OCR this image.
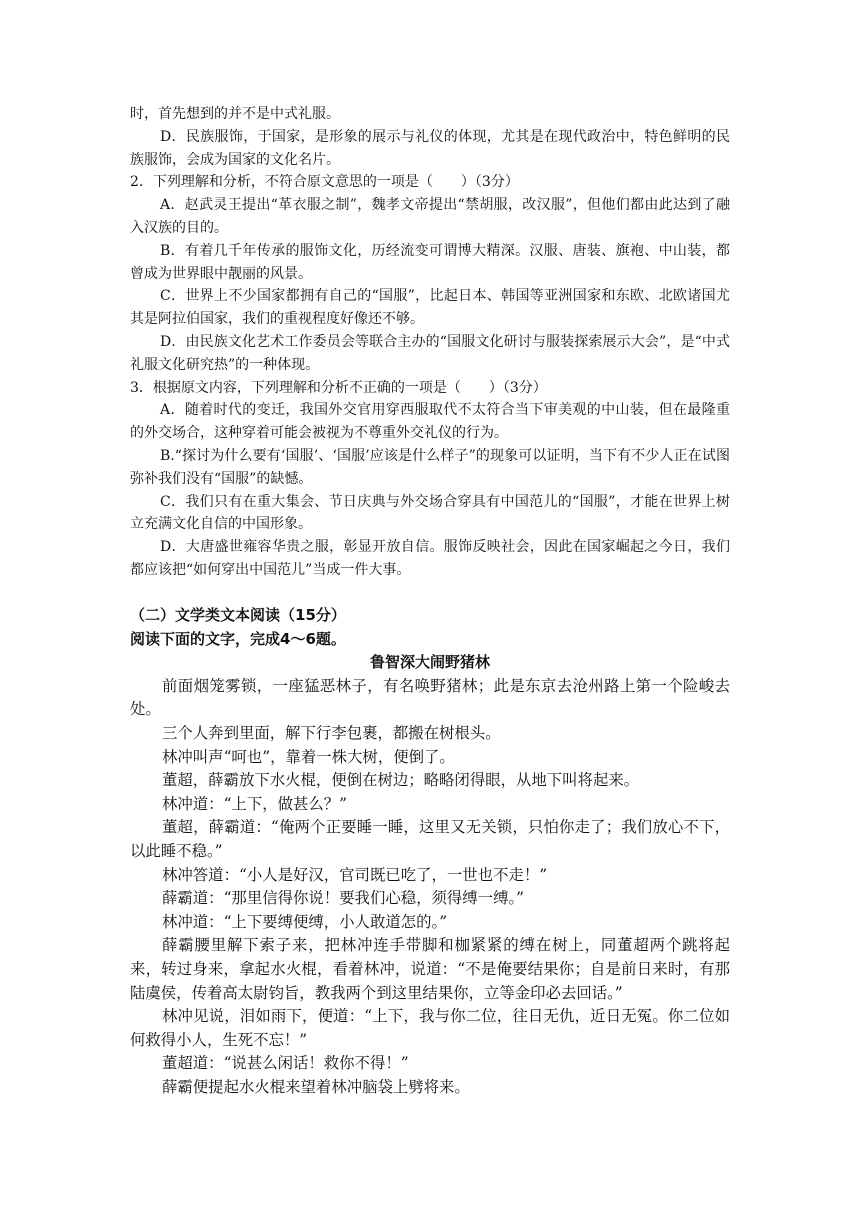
时，首先想到的并不是中式礼服。

D．民族服饰，于国家，是形象的展示与礼仪的体现，尤其是在现代政治中，特色鲜明的民族服饰，会成为国家的文化名片。

2．下列理解和分析，不符合原文意思的一项是（　　）（3分）

A．赵武灵王提出“革衣服之制”，魏孝文帝提出“禁胡服，改汉服”，但他们都由此达到了融入汉族的目的。

B．有着几千年传承的服饰文化，历经流变可谓博大精深。汉服、唐装、旗袍、中山装，都曾成为世界眼中靓丽的风景。

C．世界上不少国家都拥有自己的“国服”，比起日本、韩国等亚洲国家和东欧、北欧诸国尤其是阿拉伯国家，我们的重视程度好像还不够。

D．由民族文化艺术工作委员会等联合主办的“国服文化研讨与服装探索展示大会”，是“中式礼服文化研究热”的一种体现。

3．根据原文内容，下列理解和分析不正确的一项是（　　）（3分）

A．随着时代的变迁，我国外交官用穿西服取代不太符合当下审美观的中山装，但在最隆重的外交场合，这种穿着可能会被视为不尊重外交礼仪的行为。

B.“探讨为什么要有‘国服’、‘国服’应该是什么样子”的现象可以证明，当下有不少人正在试图弥补我们没有“国服”的缺憾。

C．我们只有在重大集会、节日庆典与外交场合穿具有中国范儿的“国服”，才能在世界上树立充满文化自信的中国形象。

D．大唐盛世雍容华贵之服，彰显开放自信。服饰反映社会，因此在国家崛起之今日，我们都应该把“如何穿出中国范儿”当成一件大事。

（二）文学类文本阅读（15分）

阅读下面的文字，完成4～6题。

鲁智深大闹野猪林

前面烟笼雾锁，一座猛恶林子，有名唤野猪林；此是东京去沧州路上第一个险峻去处。

三个人奔到里面，解下行李包裹，都搬在树根头。

林冲叫声“呵也”，靠着一株大树，便倒了。

董超，薛霸放下水火棍，便倒在树边；略略闭得眼，从地下叫将起来。

林冲道：“上下，做甚么？”

董超，薛霸道：“俺两个正要睡一睡，这里又无关锁，只怕你走了；我们放心不下，以此睡不稳。”

林冲答道：“小人是好汉，官司既已吃了，一世也不走！”

薛霸道：“那里信得你说！要我们心稳，须得缚一缚。”

林冲道：“上下要缚便缚，小人敢道怎的。”

薛霸腰里解下索子来，把林冲连手带脚和枷紧紧的缚在树上，同董超两个跳将起来，转过身来，拿起水火棍，看着林冲，说道：“不是俺要结果你；自是前日来时，有那陆虞侯，传着高太尉钧旨，教我两个到这里结果你，立等金印必去回话。”

林冲见说，泪如雨下，便道：“上下，我与你二位，往日无仇，近日无冤。你二位如何救得小人，生死不忘！”

董超道：“说甚么闲话！救你不得！”

薛霸便提起水火棍来望着林冲脑袋上劈将来。
